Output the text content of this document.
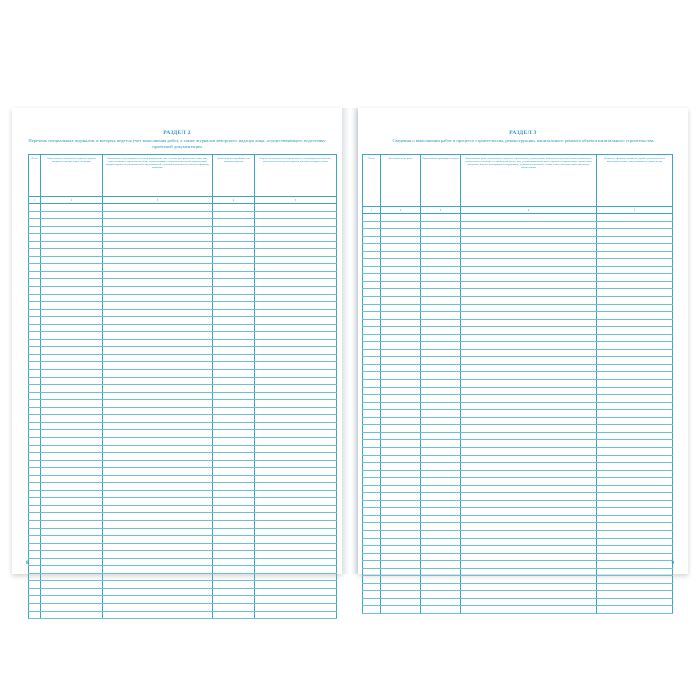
РАЗДЕЛ 2
Перечень специальных журналов, в которых ведется учет выполнения работ, а также журналов авторского надзора лица, осуществляющего подготовку проектной документации
№ п/п	Наименование специального журнала (журнала авторского надзора) и дата его выдачи	Наименование (для юридического лица) или фамилия, имя, отчество (для физического лица) лица, осуществляющего строительство (лица, осуществляющего подготовку проектной документации), ведущих журнал, их уполномоченных представителей с указанием должности (в том числе фамилии, инициалы)	Дата передачи застройщику или заказчику журнала	Подпись уполномоченного представителя застройщика или заказчика, ответственного за ведение журнала, вносящего в журнал запись
1	2	3	4	5

8
РАЗДЕЛ 3
Сведения о выполнении работ в процессе строительства, реконструкции, капитального ремонта объекта капитального строительства
№ п/п	Дата выполнения работ	Наименование производителя работ	Наименование работ, выполняемых в процессе строительства, реконструкции, капитального ремонта объекта капитального строительства и сведения о ее проведении (место, дата, условия выполнения работ, указание на применяемые строительные материалы, изделия, конструкции и оборудование, результаты испытаний), а также о внесении изменений в проектную документацию	Должность, фамилия, инициалы, подпись уполномоченного представителя лица, осуществляющего строительство
1	2	3	4	5

9
